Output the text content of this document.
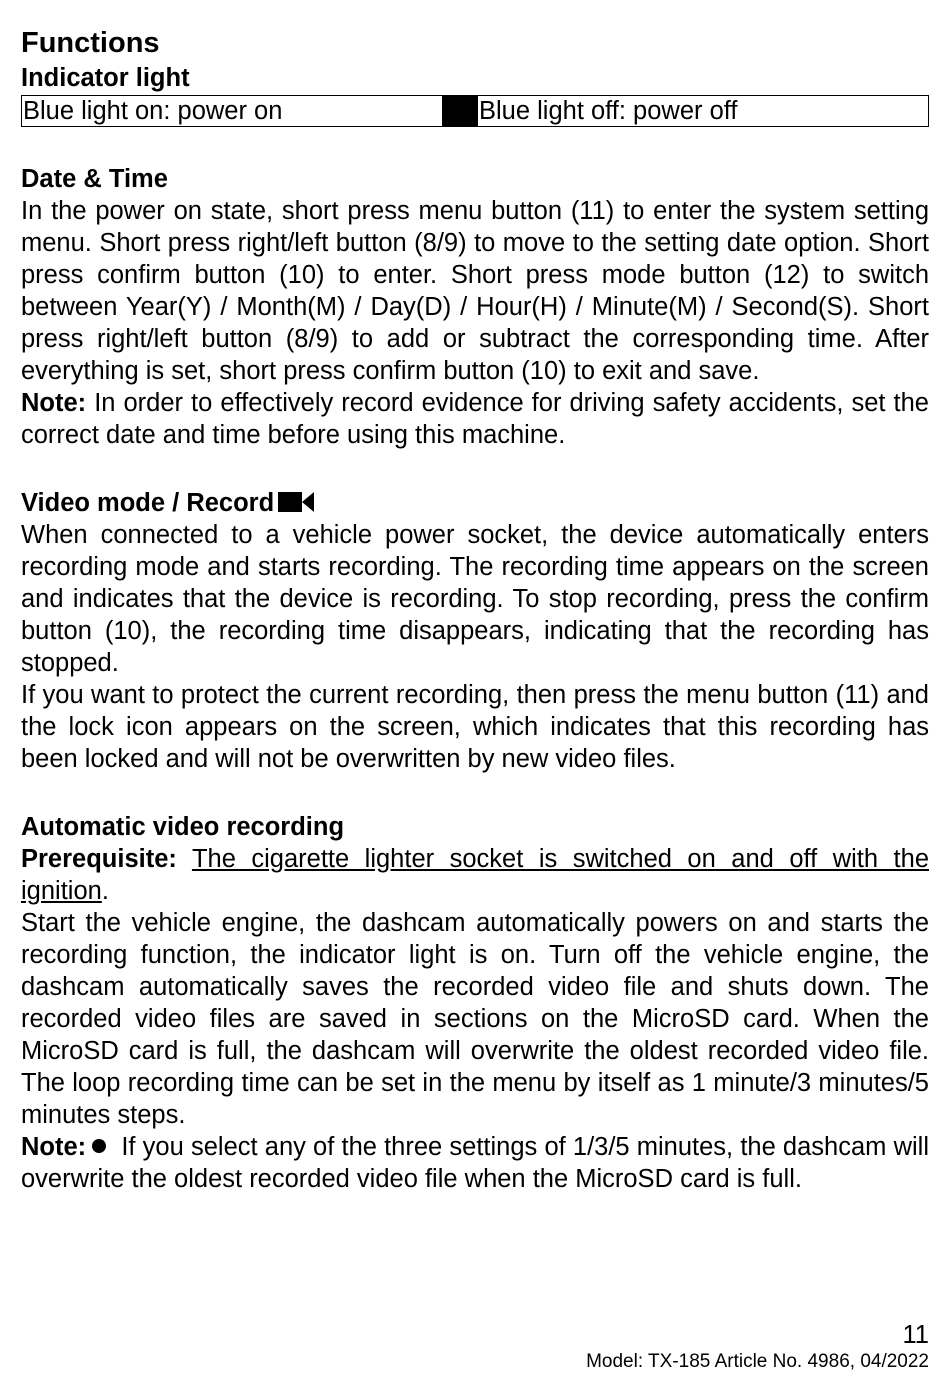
Functions
Indicator light
Blue light on: power on		Blue light off: power off
Date & Time

In the power on state, short press menu button (11) to enter the system setting menu. Short press right/left button (8/9) to move to the setting date option. Short press confirm button (10) to enter. Short press mode button (12) to switch between Year(Y) / Month(M) / Day(D) / Hour(H) / Minute(M) / Second(S). Short press right/left button (8/9) to add or subtract the corresponding time. After everything is set, short press confirm button (10) to exit and save.

Note: In order to effectively record evidence for driving safety accidents, set the correct date and time before using this machine.

Video mode / Record

When connected to a vehicle power socket, the device automatically enters recording mode and starts recording. The recording time appears on the screen and indicates that the device is recording. To stop recording, press the confirm button (10), the recording time disappears, indicating that the recording has stopped.

If you want to protect the current recording, then press the menu button (11) and the lock icon appears on the screen, which indicates that this recording has been locked and will not be overwritten by new video files.

Automatic video recording

Prerequisite: The cigarette lighter socket is switched on and off with the ignition.

Start the vehicle engine, the dashcam automatically powers on and starts the recording function, the indicator light is on. Turn off the vehicle engine, the dashcam automatically saves the recorded video file and shuts down. The recorded video files are saved in sections on the MicroSD card. When the MicroSD card is full, the dashcam will overwrite the oldest recorded video file. The loop recording time can be set in the menu by itself as 1 minute/3 minutes/5 minutes steps.

Note: If you select any of the three settings of 1/3/5 minutes, the dashcam will overwrite the oldest recorded video file when the MicroSD card is full.

11
Model: TX-185 Article No. 4986, 04/2022
